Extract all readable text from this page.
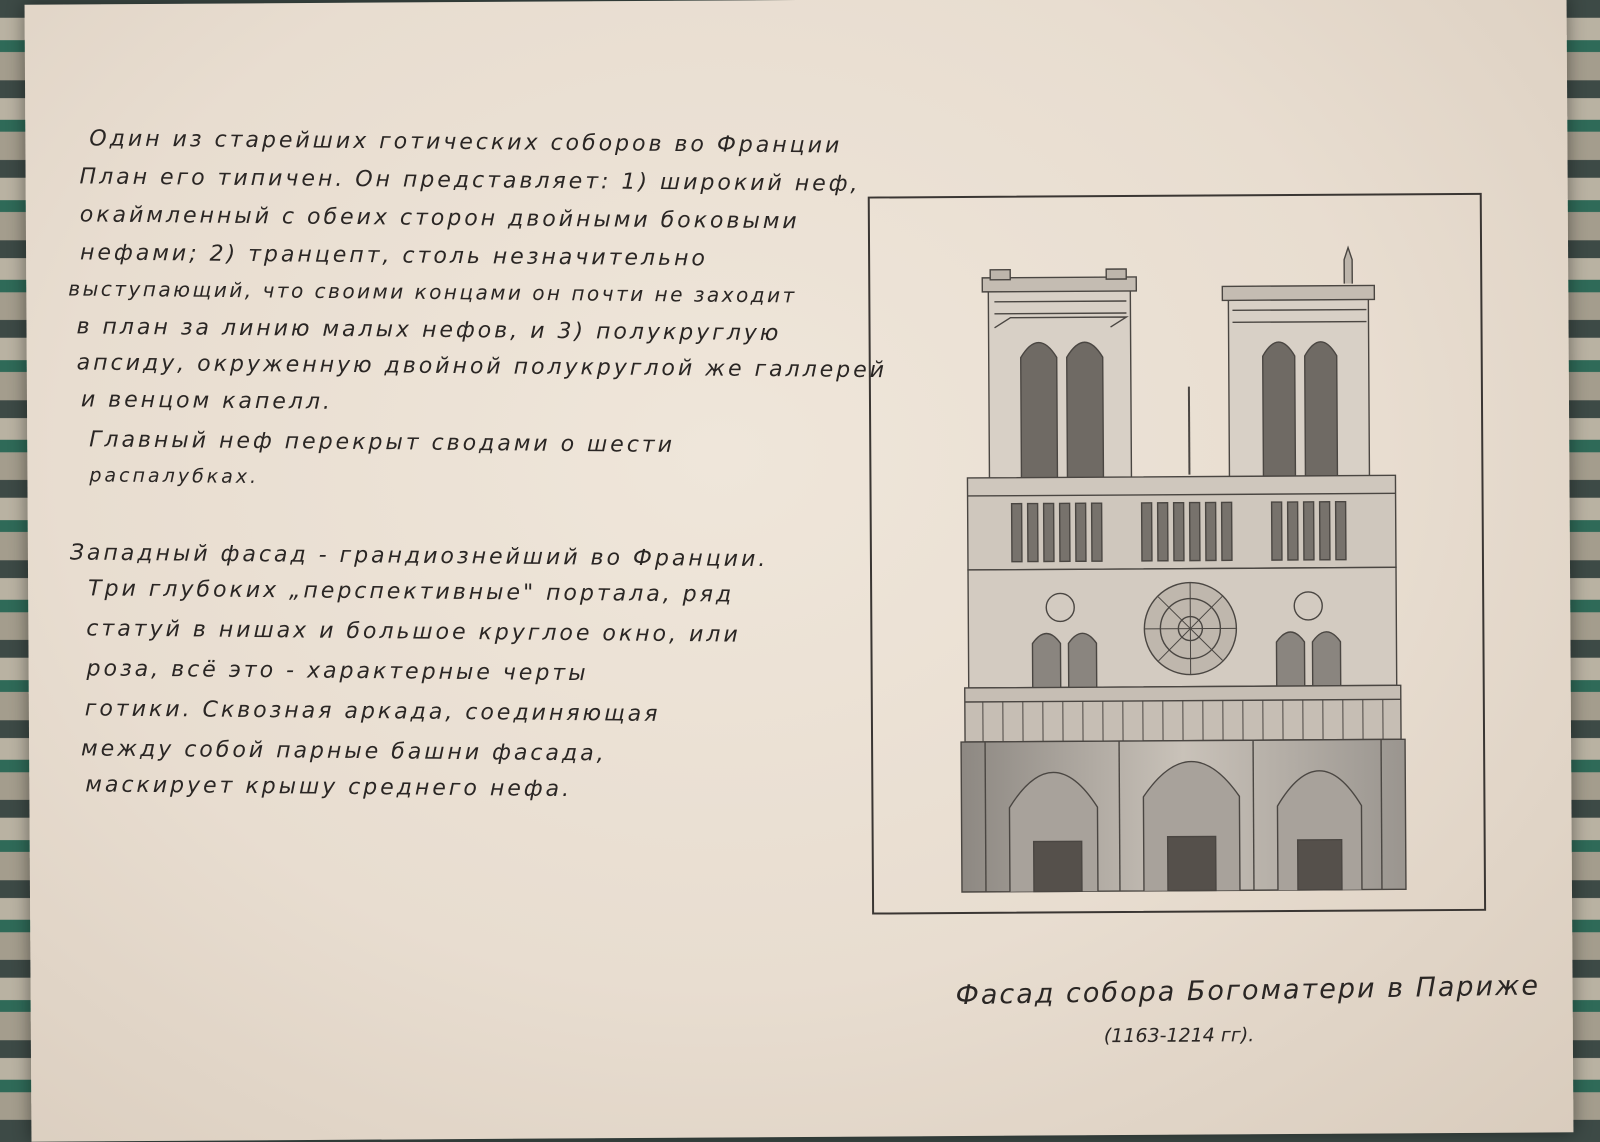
Один из старейших готических соборов во Франции

План его типичен. Он представляет: 1) широкий неф,

окаймленный с обеих сторон двойными боковыми

нефами; 2) транцепт, столь незначительно

выступающий, что своими концами он почти не заходит

в план за линию малых нефов, и 3) полукруглую

апсиду, окруженную двойной полукруглой же галлерей

и венцом капелл.

Главный неф перекрыт сводами о шести

распалубках.

Западный фасад - грандиознейший во Франции.

Три глубоких „перспективные" портала, ряд

статуй в нишах и большое круглое окно, или

роза, всё это - характерные черты

готики. Сквозная аркада, соединяющая

между собой парные башни фасада,

маскирует крышу среднего нефа.

Фасад собора Богоматери в Париже
(1163-1214 гг).
